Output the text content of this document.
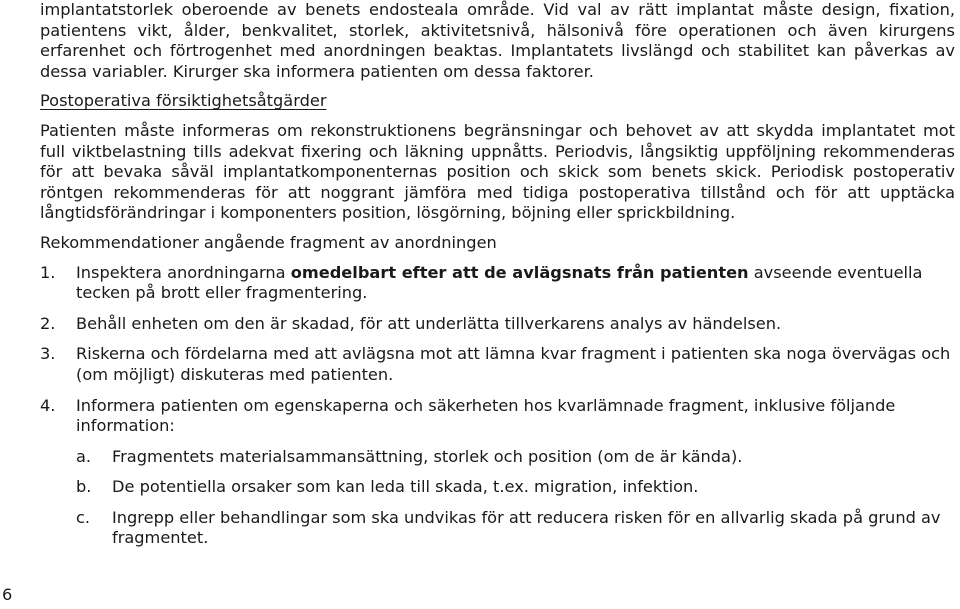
implantatstorlek oberoende av benets endosteala område. Vid val av rätt implantat måste design, fixation, patientens vikt, ålder, benkvalitet, storlek, aktivitetsnivå, hälsonivå före operationen och även kirurgens erfarenhet och förtrogenhet med anordningen beaktas. Implantatets livslängd och stabilitet kan påverkas av dessa variabler. Kirurger ska informera patienten om dessa faktorer.

Postoperativa försiktighetsåtgärder

Patienten måste informeras om rekonstruktionens begränsningar och behovet av att skydda implantatet mot full viktbelastning tills adekvat fixering och läkning uppnåtts. Periodvis, långsiktig uppföljning rekommenderas för att bevaka såväl implantatkomponenternas position och skick som benets skick. Periodisk postoperativ röntgen rekommenderas för att noggrant jämföra med tidiga postoperativa tillstånd och för att upptäcka långtidsförändringar i komponenters position, lösgörning, böjning eller sprickbildning.

Rekommendationer angående fragment av anordningen

1. Inspektera anordningarna omedelbart efter att de avlägsnats från patienten avseende eventuella tecken på brott eller fragmentering.
2. Behåll enheten om den är skadad, för att underlätta tillverkarens analys av händelsen.
3. Riskerna och fördelarna med att avlägsna mot att lämna kvar fragment i patienten ska noga övervägas och (om möjligt) diskuteras med patienten.
4. Informera patienten om egenskaperna och säkerheten hos kvarlämnade fragment, inklusive följande information:
a. Fragmentets materialsammansättning, storlek och position (om de är kända).
b. De potentiella orsaker som kan leda till skada, t.ex. migration, infektion.
c. Ingrepp eller behandlingar som ska undvikas för att reducera risken för en allvarlig skada på grund av fragmentet.
6
